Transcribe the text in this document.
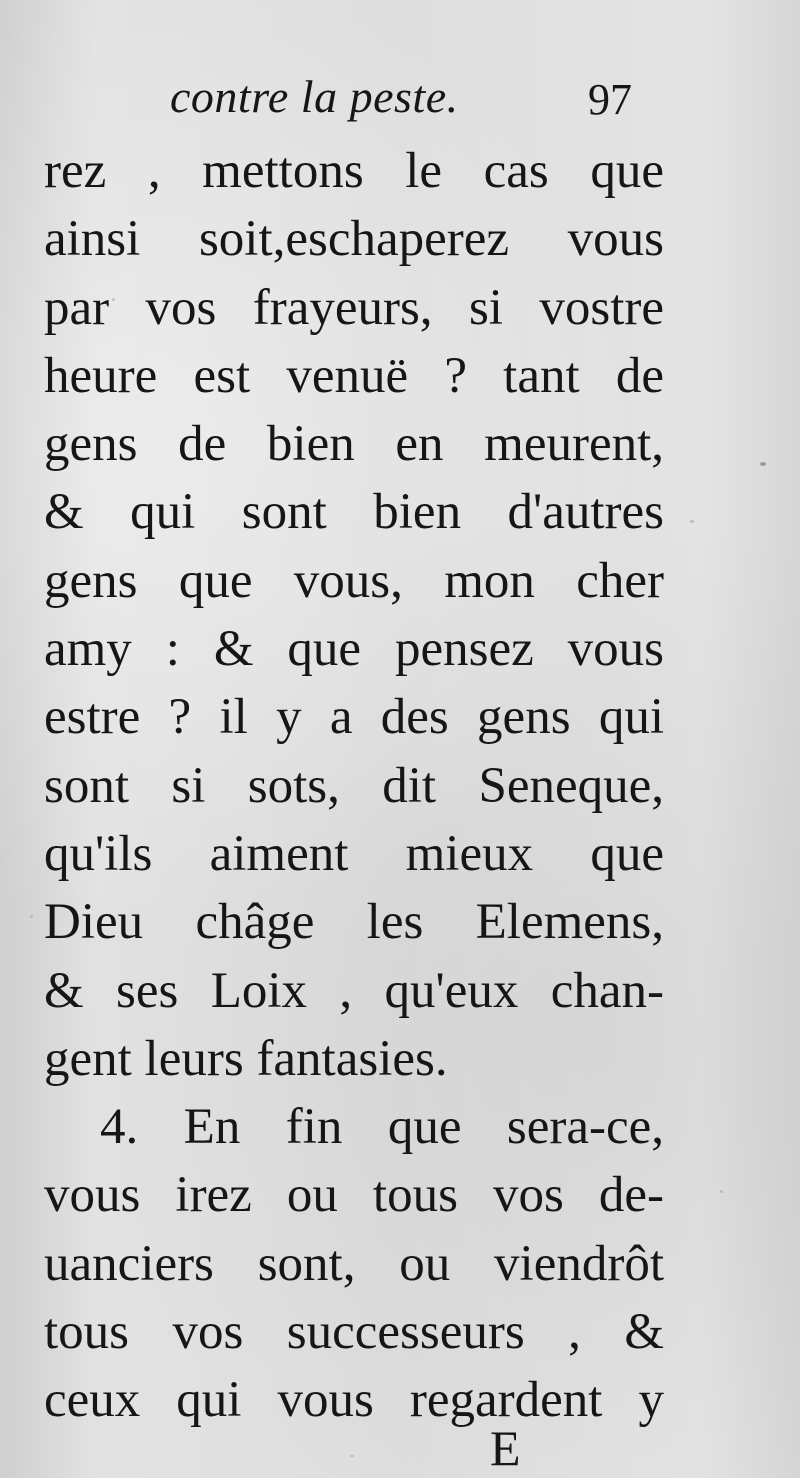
contre la peste.	97
rez , mettons le cas que
ainsi soit,eschaperez vous
par vos frayeurs, si vostre
heure est venuë ? tant de
gens de bien en meurent,
& qui sont bien d'autres
gens que vous, mon cher
amy : & que pensez vous
estre ? il y a des gens qui
sont si sots, dit Seneque,
qu'ils aiment mieux que
Dieu châge les Elemens,
& ses Loix , qu'eux chan-
gent leurs fantasies.
4. En fin que sera-ce,
vous irez ou tous vos de-
uanciers sont, ou viendrôt
tous vos successeurs , &
ceux qui vous regardent y
E
